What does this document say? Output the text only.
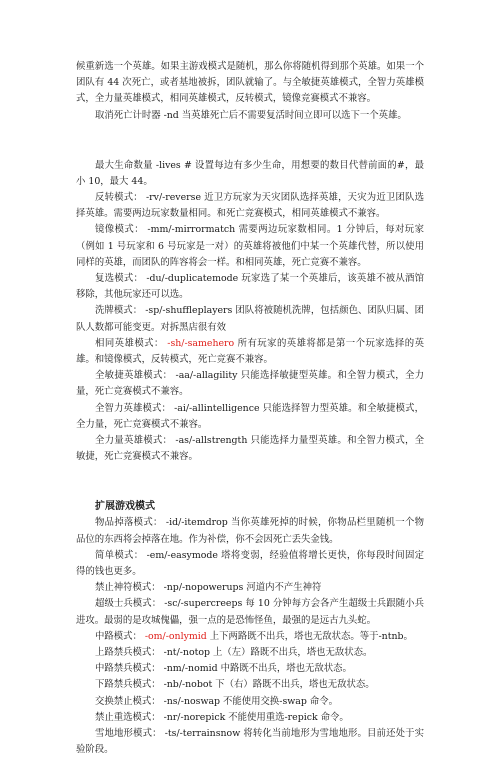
候重新选一个英雄。如果主游戏模式是随机，那么你将随机得到那个英雄。如果一个团队有 44 次死亡，或者基地被拆，团队就输了。与全敏捷英雄模式，全智力英雄模式，全力量英雄模式，相同英雄模式，反转模式，镜像竞赛模式不兼容。

取消死亡计时器 -nd 当英雄死亡后不需要复活时间立即可以选下一个英雄。

最大生命数量 -lives # 设置每边有多少生命，用想要的数目代替前面的#，最小 10，最大 44。

反转模式： -rv/-reverse 近卫方玩家为天灾团队选择英雄，天灾为近卫团队选择英雄。需要两边玩家数量相同。和死亡竞赛模式，相同英雄模式不兼容。

镜像模式： -mm/-mirrormatch 需要两边玩家数相同。1 分钟后，每对玩家（例如 1 号玩家和 6 号玩家是一对）的英雄将被他们中某一个英雄代替，所以使用同样的英雄，而团队的阵容将会一样。和相同英雄，死亡竞赛不兼容。

复选模式： -du/-duplicatemode 玩家选了某一个英雄后，该英雄不被从酒馆移除，其他玩家还可以选。

洗牌模式： -sp/-shuffleplayers 团队将被随机洗牌，包括颜色、团队归属、团队人数都可能变更。对拆黑店很有效

相同英雄模式： -sh/-samehero 所有玩家的英雄将都是第一个玩家选择的英雄。和镜像模式，反转模式，死亡竞赛不兼容。

全敏捷英雄模式： -aa/-allagility 只能选择敏捷型英雄。和全智力模式，全力量，死亡竞赛模式不兼容。

全智力英雄模式： -ai/-allintelligence 只能选择智力型英雄。和全敏捷模式，全力量，死亡竞赛模式不兼容。

全力量英雄模式： -as/-allstrength 只能选择力量型英雄。和全智力模式，全敏捷，死亡竞赛模式不兼容。

扩展游戏模式

物品掉落模式： -id/-itemdrop 当你英雄死掉的时候，你物品栏里随机一个物品位的东西将会掉落在地。作为补偿，你不会因死亡丢失金钱。

简单模式： -em/-easymode 塔将变弱，经验值将增长更快，你每段时间固定得的钱也更多。

禁止神符模式： -np/-nopowerups 河道内不产生神符

超级士兵模式： -sc/-supercreeps 每 10 分钟每方会各产生超级士兵跟随小兵进攻。最弱的是攻城傀儡，强一点的是恐怖怪鱼，最强的是远古九头蛇。

中路模式： -om/-onlymid 上下两路既不出兵，塔也无敌状态。等于-ntnb。

上路禁兵模式： -nt/-notop 上（左）路既不出兵，塔也无敌状态。

中路禁兵模式： -nm/-nomid 中路既不出兵，塔也无敌状态。

下路禁兵模式： -nb/-nobot 下（右）路既不出兵，塔也无敌状态。

交换禁止模式： -ns/-noswap 不能使用交换-swap 命令。

禁止重选模式： -nr/-norepick 不能使用重选-repick 命令。

雪地地形模式： -ts/-terrainsnow 将转化当前地形为雪地地形。目前还处于实验阶段。
